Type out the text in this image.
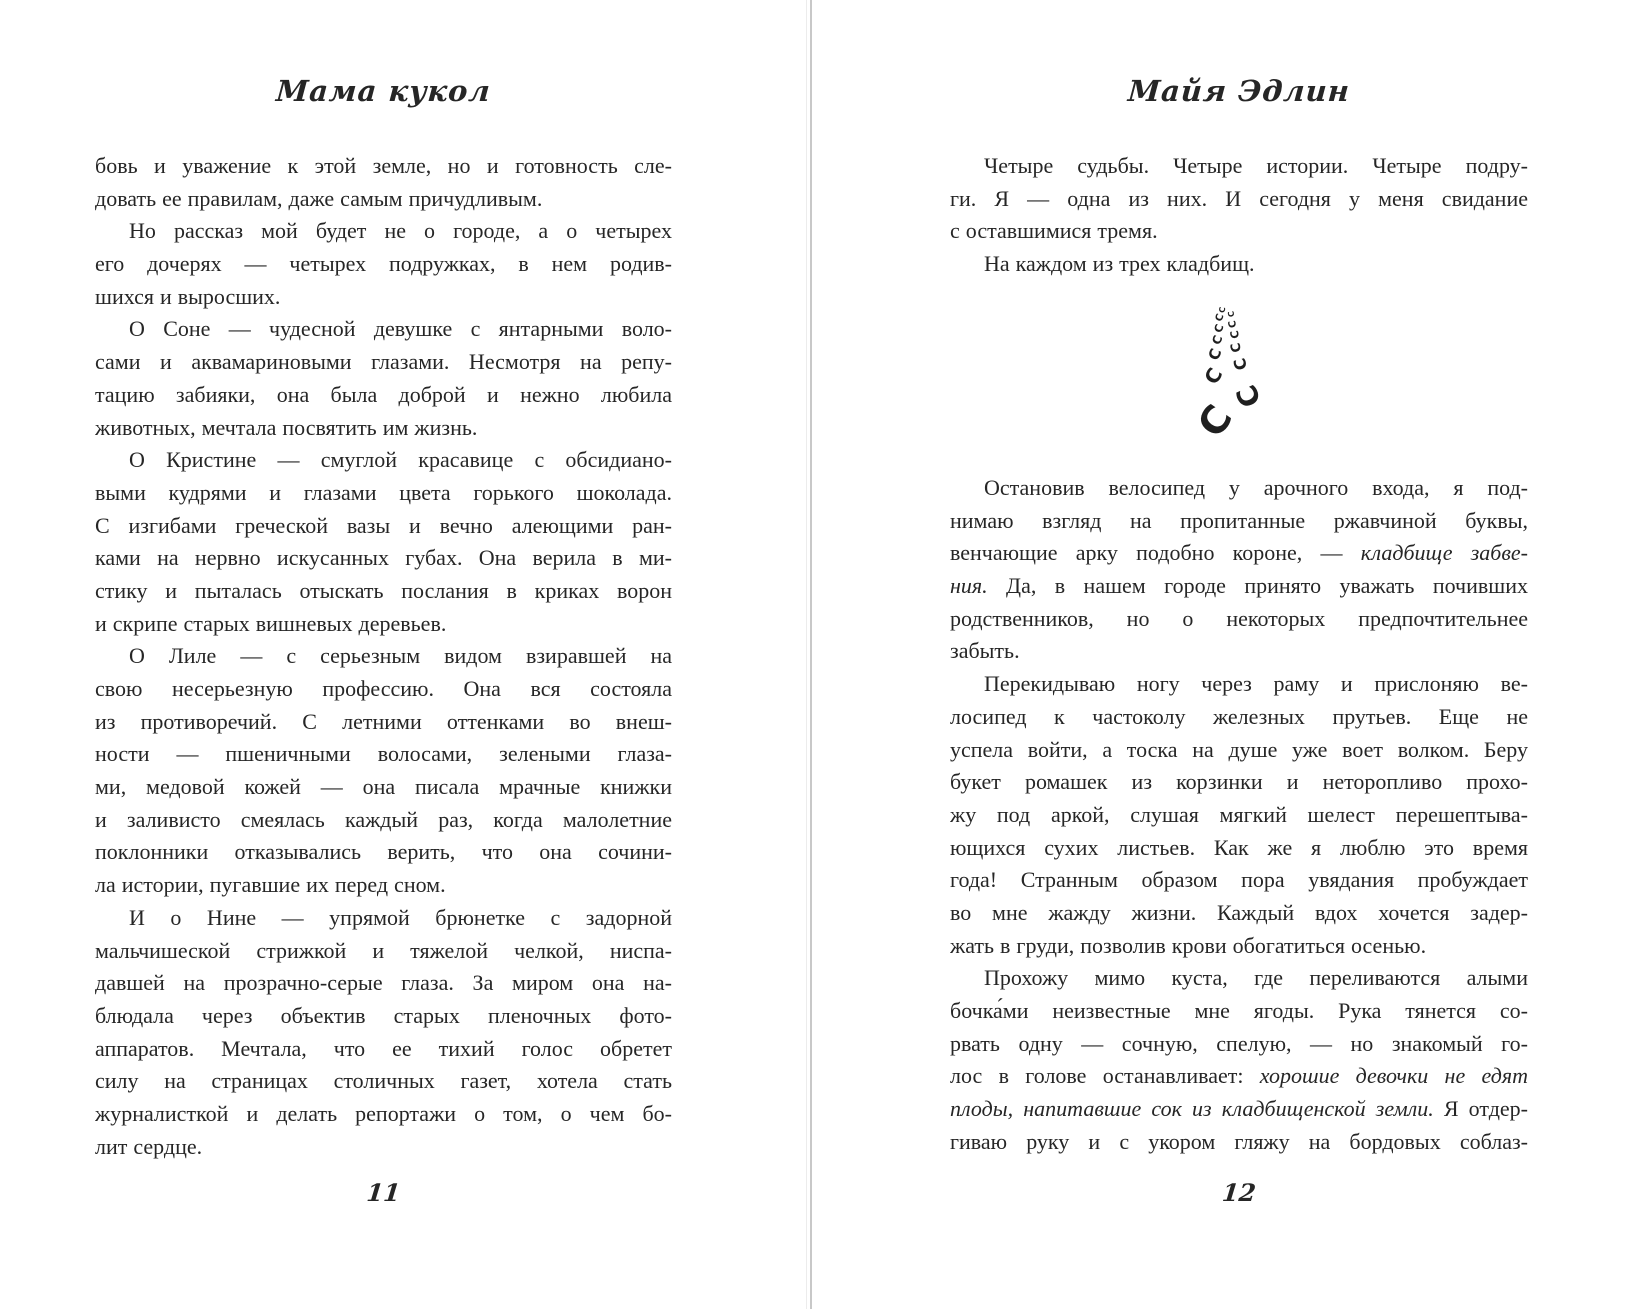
Мама кукол
бовь и уважение к этой земле, но и готовность сле-
довать ее правилам, даже самым причудливым.
Но рассказ мой будет не о городе, а о четырех
его дочерях — четырех подружках, в нем родив-
шихся и выросших.
О Соне — чудесной девушке с янтарными воло-
сами и аквамариновыми глазами. Несмотря на репу-
тацию забияки, она была доброй и нежно любила
животных, мечтала посвятить им жизнь.
О Кристине — смуглой красавице с обсидиано-
выми кудрями и глазами цвета горького шоколада.
С изгибами греческой вазы и вечно алеющими ран-
ками на нервно искусанных губах. Она верила в ми-
стику и пыталась отыскать послания в криках ворон
и скрипе старых вишневых деревьев.
О Лиле — с серьезным видом взиравшей на
свою несерьезную профессию. Она вся состояла
из противоречий. С летними оттенками во внеш-
ности — пшеничными волосами, зелеными глаза-
ми, медовой кожей — она писала мрачные книжки
и заливисто смеялась каждый раз, когда малолетние
поклонники отказывались верить, что она сочини-
ла истории, пугавшие их перед сном.
И о Нине — упрямой брюнетке с задорной
мальчишеской стрижкой и тяжелой челкой, ниспа-
давшей на прозрачно-серые глаза. За миром она на-
блюдала через объектив старых пленочных фото-
аппаратов. Мечтала, что ее тихий голос обретет
силу на страницах столичных газет, хотела стать
журналисткой и делать репортажи о том, о чем бо-
лит сердце.
11
Майя Эдлин
Четыре судьбы. Четыре истории. Четыре подру-
ги. Я — одна из них. И сегодня у меня свидание
с оставшимися тремя.
На каждом из трех кладбищ.
C
C
C
C
C C
C
C
C
C
C
C
C
Остановив велосипед у арочного входа, я под-
нимаю взгляд на пропитанные ржавчиной буквы,
венчающие арку подобно короне, — кладбище забве-
ния. Да, в нашем городе принято уважать почивших
родственников, но о некоторых предпочтительнее
забыть.
Перекидываю ногу через раму и прислоняю ве-
лосипед к частоколу железных прутьев. Еще не
успела войти, а тоска на душе уже воет волком. Беру
букет ромашек из корзинки и неторопливо прохо-
жу под аркой, слушая мягкий шелест перешептыва-
ющихся сухих листьев. Как же я люблю это время
года! Странным образом пора увядания пробуждает
во мне жажду жизни. Каждый вдох хочется задер-
жать в груди, позволив крови обогатиться осенью.
Прохожу мимо куста, где переливаются алыми
бочка́ми неизвестные мне ягоды. Рука тянется со-
рвать одну — сочную, спелую, — но знакомый го-
лос в голове останавливает: хорошие девочки не едят
плоды, напитавшие сок из кладбищенской земли. Я отдер-
гиваю руку и с укором гляжу на бордовых соблаз-
12
